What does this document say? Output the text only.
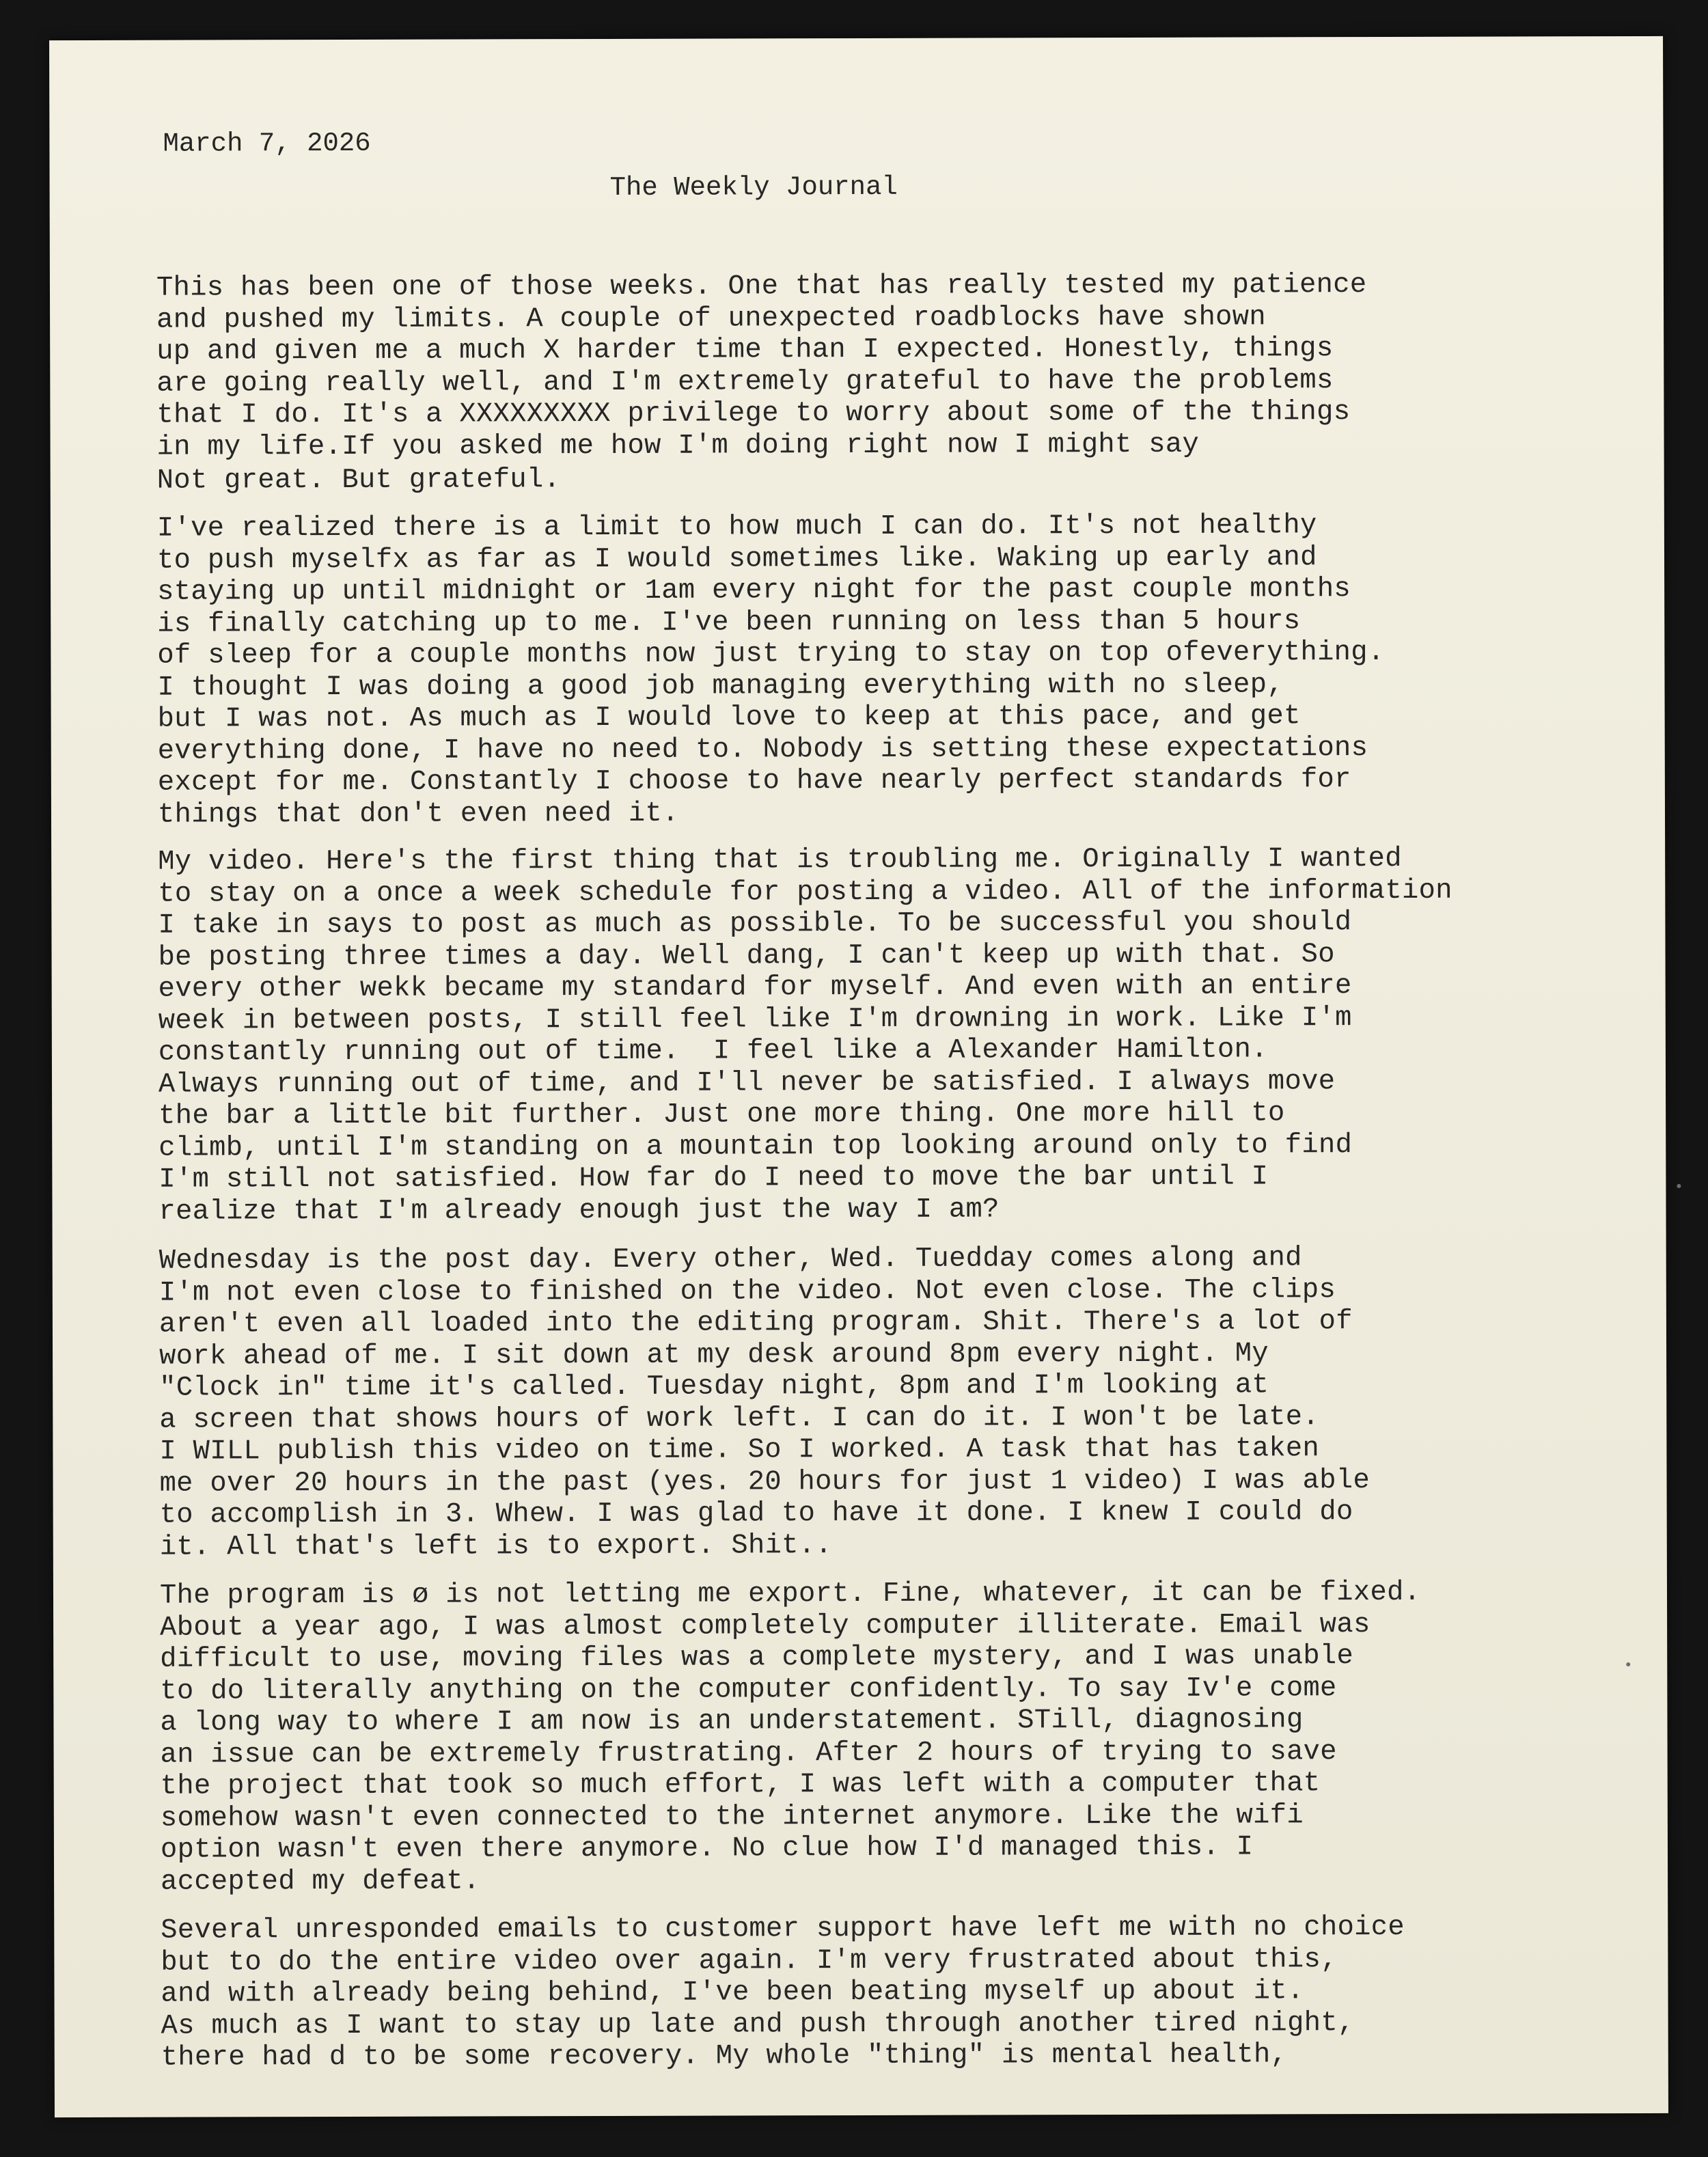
March 7, 2026
The Weekly Journal
This has been one of those weeks. One that has really tested my patience
and pushed my limits. A couple of unexpected roadblocks have shown
up and given me a much X harder time than I expected. Honestly, things
are going really well, and I'm extremely grateful to have the problems
that I do. It's a XXXXXXXXX privilege to worry about some of the things
in my life.If you asked me how I'm doing right now I might say
Not great. But grateful.
I've realized there is a limit to how much I can do. It's not healthy
to push myselfx as far as I would sometimes like. Waking up early and
staying up until midnight or 1am every night for the past couple months
is finally catching up to me. I've been running on less than 5 hours
of sleep for a couple months now just trying to stay on top ofeverything.
I thought I was doing a good job managing everything with no sleep,
but I was not. As much as I would love to keep at this pace, and get
everything done, I have no need to. Nobody is setting these expectations
except for me. Constantly I choose to have nearly perfect standards for
things that don't even need it.
My video. Here's the first thing that is troubling me. Originally I wanted
to stay on a once a week schedule for posting a video. All of the information
I take in says to post as much as possible. To be successful you should
be posting three times a day. Well dang, I can't keep up with that. So
every other wekk became my standard for myself. And even with an entire
week in between posts, I still feel like I'm drowning in work. Like I'm
constantly running out of time.  I feel like a Alexander Hamilton.
Always running out of time, and I'll never be satisfied. I always move
the bar a little bit further. Just one more thing. One more hill to
climb, until I'm standing on a mountain top looking around only to find
I'm still not satisfied. How far do I need to move the bar until I
realize that I'm already enough just the way I am?
Wednesday is the post day. Every other, Wed. Tuedday comes along and
I'm not even close to finished on the video. Not even close. The clips
aren't even all loaded into the editing program. Shit. There's a lot of
work ahead of me. I sit down at my desk around 8pm every night. My
"Clock in" time it's called. Tuesday night, 8pm and I'm looking at
a screen that shows hours of work left. I can do it. I won't be late.
I WILL publish this video on time. So I worked. A task that has taken
me over 20 hours in the past (yes. 20 hours for just 1 video) I was able
to accomplish in 3. Whew. I was glad to have it done. I knew I could do
it. All that's left is to export. Shit..
The program is ø is not letting me export. Fine, whatever, it can be fixed.
About a year ago, I was almost completely computer illiterate. Email was
difficult to use, moving files was a complete mystery, and I was unable
to do literally anything on the computer confidently. To say Iv'e come
a long way to where I am now is an understatement. STill, diagnosing
an issue can be extremely frustrating. After 2 hours of trying to save
the project that took so much effort, I was left with a computer that
somehow wasn't even connected to the internet anymore. Like the wifi
option wasn't even there anymore. No clue how I'd managed this. I
accepted my defeat.
Several unresponded emails to customer support have left me with no choice
but to do the entire video over again. I'm very frustrated about this,
and with already being behind, I've been beating myself up about it.
As much as I want to stay up late and push through another tired night,
there had d to be some recovery. My whole "thing" is mental health,
